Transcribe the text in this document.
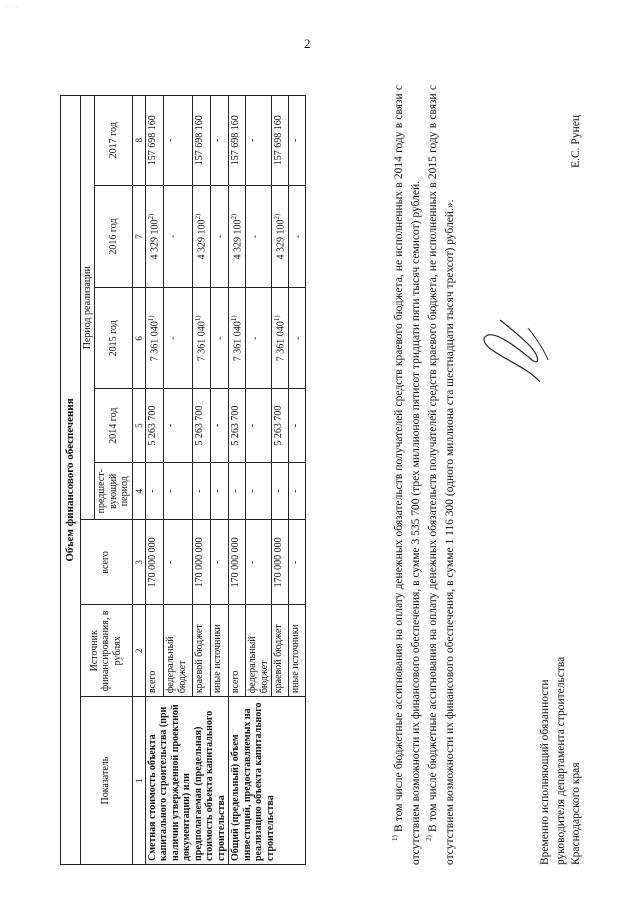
· · ·
2
Объем финансового обеспечения							
Показатель	Источник финансирования, в рублях	всего	Период реализации				
			предшест-вующий период	2014 год	2015 год	2016 год	2017 год
1	2	3	4	5	6	7	8
Сметная стоимость объекта капитального строительства (при наличии утвержденной проектной документации) или предполагаемая (предельная) стоимость объекта капитального строительства	всего	170 000 000	-	5 263 700	7 361 040$^{1)}$	4 329 100$^{2)}$	157 698 160
	федеральный бюджет	-	-	-	-	-	-
	краевой бюджет	170 000 000	-	5 263 700	7 361 040$^{1)}$	4 329 100$^{2)}$	157 698 160
	иные источники	-	-	-	-	-	-
Общий (предельный) объем инвестиций, предоставляемых на реализацию объекта капитального строительства	всего	170 000 000	-	5 263 700	7 361 040$^{1)}$	4 329 100$^{2)}$	157 698 160
	федеральный бюджет	-	-	-	-	-	-
	краевой бюджет	170 000 000	-	5 263 700	7 361 040$^{1)}$	4 329 100$^{2)}$	157 698 160
	иные источники	-	-	-	-	-	-

$^{1)}$ В том числе бюджетные ассигнования на оплату денежных обязательств получателей средств краевого бюджета, не исполненных в 2014 году в связи с отсутствием возможности их финансового обеспечения, в сумме 3 535 700 (трех миллионов пятисот тридцати пяти тысяч семисот) рублей. $^{2)}$ В том числе бюджетные ассигнования на оплату денежных обязательств получателей средств краевого бюджета, не исполненных в 2015 году в связи с отсутствием возможности их финансового обеспечения, в сумме 1 116 300 (одного миллиона ста шестнадцати тысяч трехсот) рублей.».	Временно исполняющий обязанности руководителя департамента строительства Краснодарского края
Е.С. Рунец
